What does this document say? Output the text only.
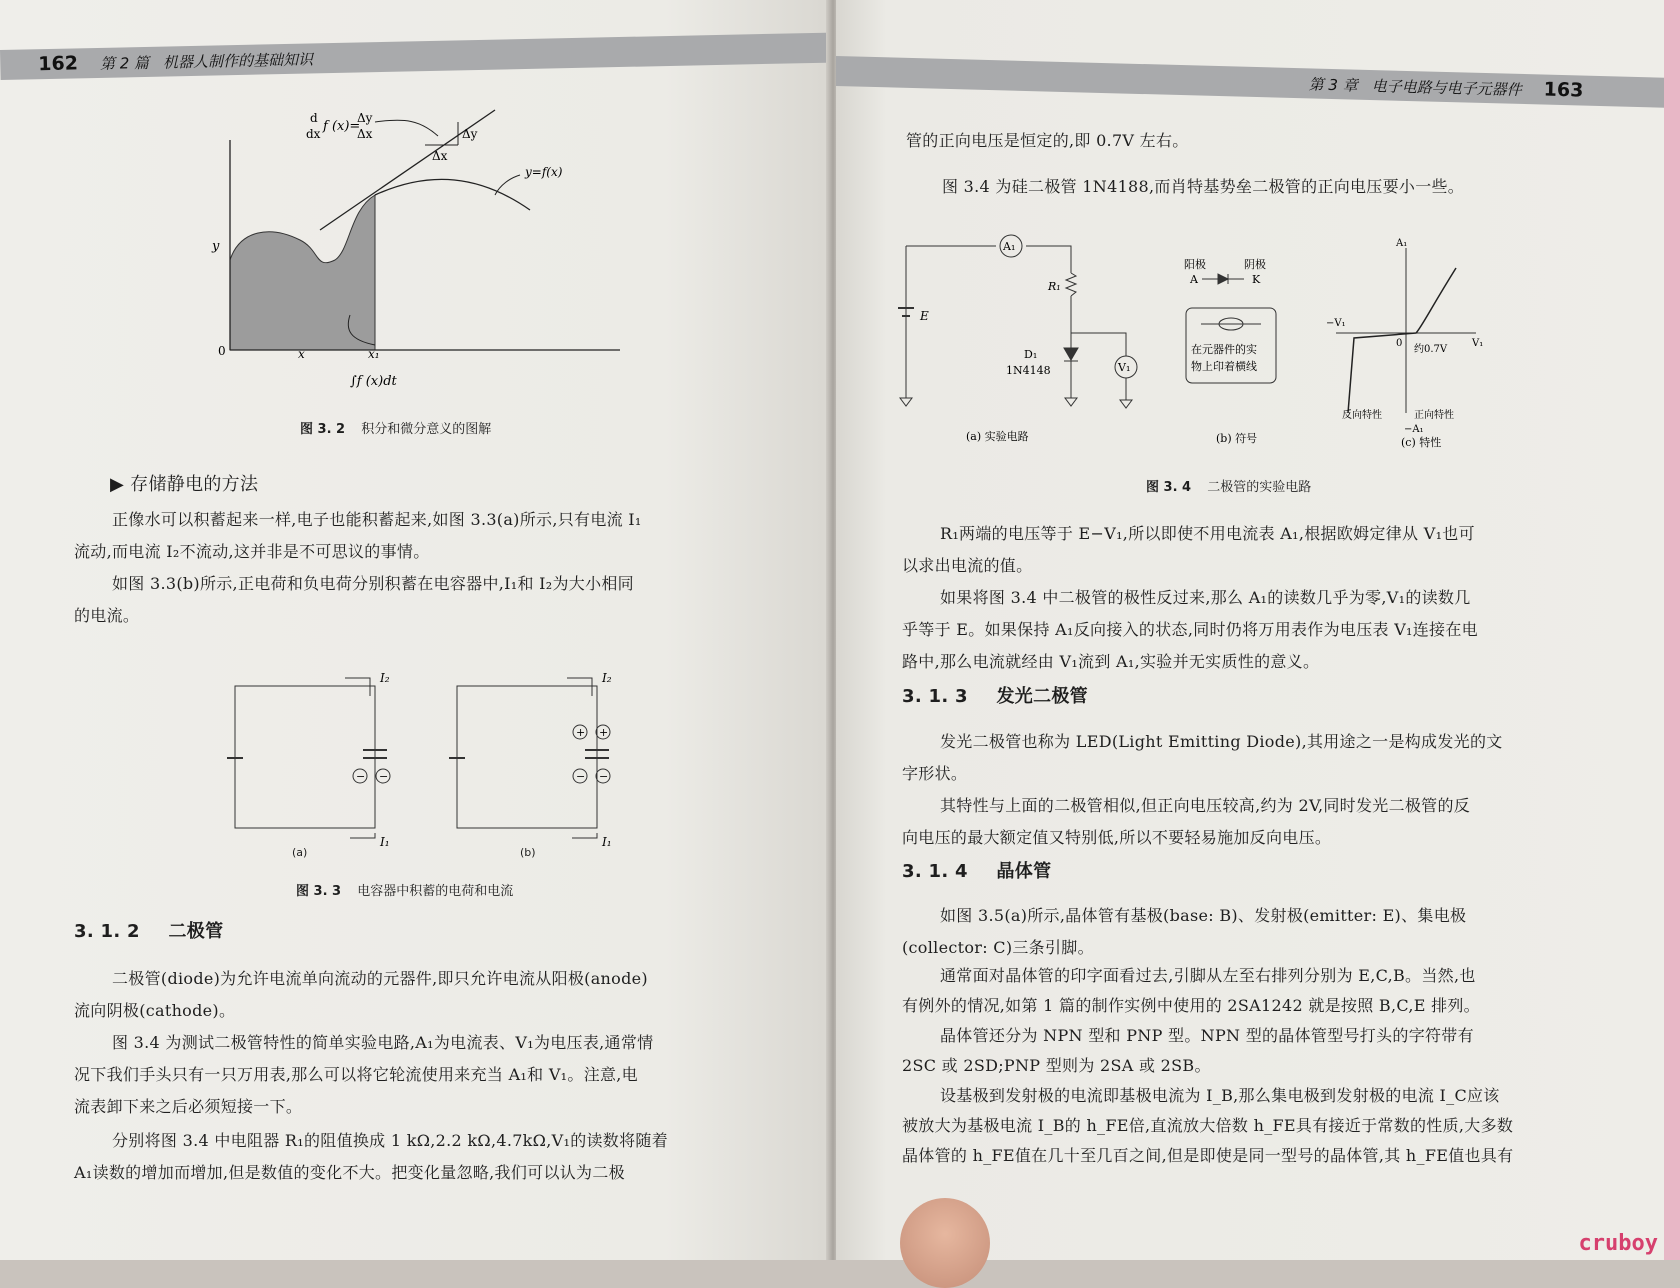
162 第 2 篇 机器人制作的基础知识
d
dx f (x)=
Δy
Δx	Δy
Δx
y=f(x)
y
0	x	x₁
∫f (x)dt
图 3. 2 积分和微分意义的图解
▶ 存储静电的方法
正像水可以积蓄起来一样,电子也能积蓄起来,如图 3.3(a)所示,只有电流 I₁
流动,而电流 I₂不流动,这并非是不可思议的事情。
如图 3.3(b)所示,正电荷和负电荷分别积蓄在电容器中,I₁和 I₂为大小相同
的电流。
− −
I₂
I₁
+ +
− −
I₂
I₁
(a)	(b)
图 3. 3 电容器中积蓄的电荷和电流
3. 1. 2 二极管
二极管(diode)为允许电流单向流动的元器件,即只允许电流从阳极(anode)
流向阴极(cathode)。
图 3.4 为测试二极管特性的简单实验电路,A₁为电流表、V₁为电压表,通常情
况下我们手头只有一只万用表,那么可以将它轮流使用来充当 A₁和 V₁。注意,电
流表卸下来之后必须短接一下。
分别将图 3.4 中电阻器 R₁的阻值换成 1 kΩ,2.2 kΩ,4.7kΩ,V₁的读数将随着
A₁读数的增加而增加,但是数值的变化不大。把变化量忽略,我们可以认为二极
第 3 章 电子电路与电子元器件 163
管的正向电压是恒定的,即 0.7V 左右。
图 3.4 为硅二极管 1N4188,而肖特基势垒二极管的正向电压要小一些。
A₁
R₁
E
D₁
1N4148	V₁
阳极	阴极
A	K
在元器件的实
物上印着横线
A₁
−V₁
0	V₁
约0.7V
反向特性	正向特性
−A₁
(a) 实验电路	(b) 符号	(c) 特性
图 3. 4 二极管的实验电路
R₁两端的电压等于 E−V₁,所以即使不用电流表 A₁,根据欧姆定律从 V₁也可
以求出电流的值。
如果将图 3.4 中二极管的极性反过来,那么 A₁的读数几乎为零,V₁的读数几
乎等于 E。如果保持 A₁反向接入的状态,同时仍将万用表作为电压表 V₁连接在电
路中,那么电流就经由 V₁流到 A₁,实验并无实质性的意义。
3. 1. 3 发光二极管
发光二极管也称为 LED(Light Emitting Diode),其用途之一是构成发光的文
字形状。
其特性与上面的二极管相似,但正向电压较高,约为 2V,同时发光二极管的反
向电压的最大额定值又特别低,所以不要轻易施加反向电压。
3. 1. 4 晶体管
如图 3.5(a)所示,晶体管有基极(base: B)、发射极(emitter: E)、集电极
(collector: C)三条引脚。
通常面对晶体管的印字面看过去,引脚从左至右排列分别为 E,C,B。当然,也
有例外的情况,如第 1 篇的制作实例中使用的 2SA1242 就是按照 B,C,E 排列。
晶体管还分为 NPN 型和 PNP 型。NPN 型的晶体管型号打头的字符带有
2SC 或 2SD;PNP 型则为 2SA 或 2SB。
设基极到发射极的电流即基极电流为 I_B,那么集电极到发射极的电流 I_C应该
被放大为基极电流 I_B的 h_FE倍,直流放大倍数 h_FE具有接近于常数的性质,大多数
晶体管的 h_FE值在几十至几百之间,但是即使是同一型号的晶体管,其 h_FE值也具有
cruboy
